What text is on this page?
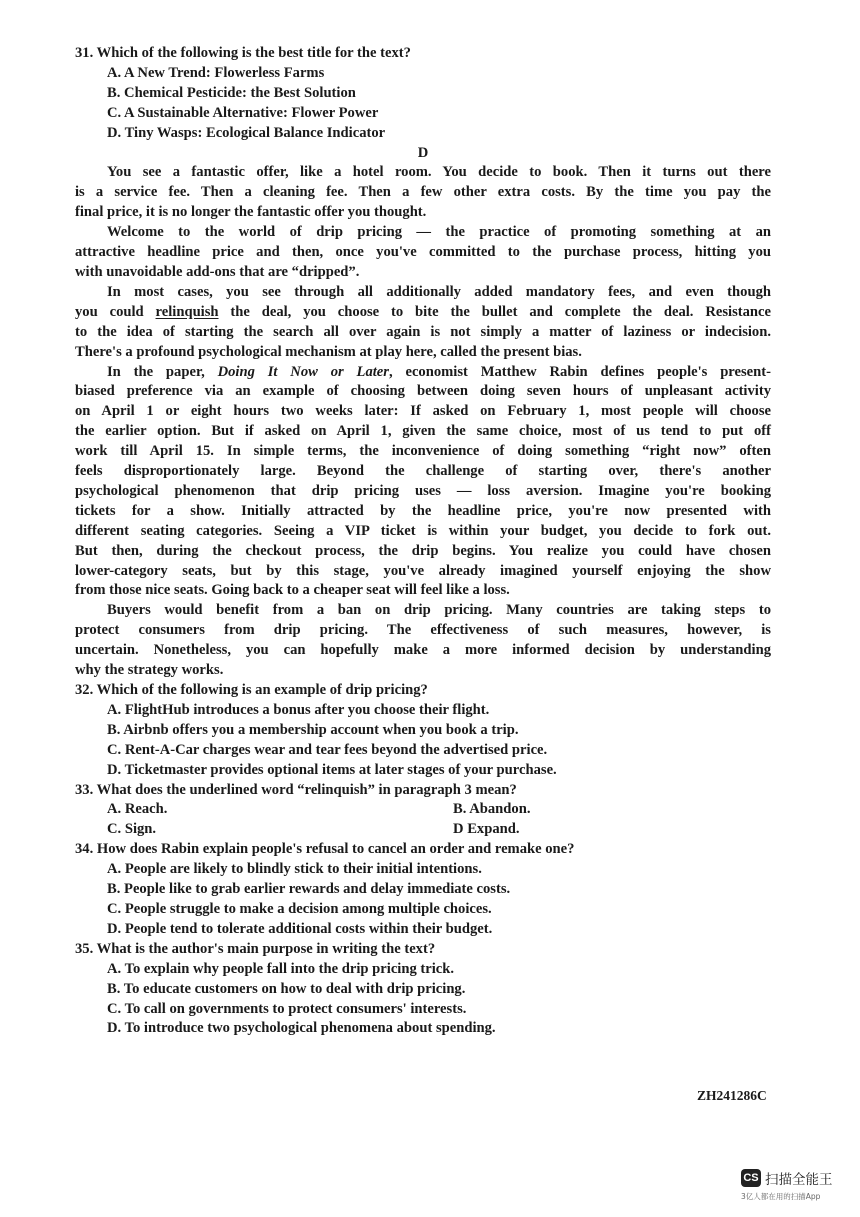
31. Which of the following is the best title for the text?
A. A New Trend: Flowerless Farms
B. Chemical Pesticide: the Best Solution
C. A Sustainable Alternative: Flower Power
D. Tiny Wasps: Ecological Balance Indicator
D
You see a fantastic offer, like a hotel room. You decide to book. Then it turns out there
is a service fee. Then a cleaning fee. Then a few other extra costs. By the time you pay the
final price, it is no longer the fantastic offer you thought.
Welcome to the world of drip pricing — the practice of promoting something at an
attractive headline price and then, once you've committed to the purchase process, hitting you
with unavoidable add-ons that are “dripped”.
In most cases, you see through all additionally added mandatory fees, and even though
you could relinquish the deal, you choose to bite the bullet and complete the deal. Resistance
to the idea of starting the search all over again is not simply a matter of laziness or indecision.
There's a profound psychological mechanism at play here, called the present bias.
In the paper, Doing It Now or Later, economist Matthew Rabin defines people's present-
biased preference via an example of choosing between doing seven hours of unpleasant activity
on April 1 or eight hours two weeks later: If asked on February 1, most people will choose
the earlier option. But if asked on April 1, given the same choice, most of us tend to put off
work till April 15. In simple terms, the inconvenience of doing something “right now” often
feels disproportionately large. Beyond the challenge of starting over, there's another
psychological phenomenon that drip pricing uses — loss aversion. Imagine you're booking
tickets for a show. Initially attracted by the headline price, you're now presented with
different seating categories. Seeing a VIP ticket is within your budget, you decide to fork out.
But then, during the checkout process, the drip begins. You realize you could have chosen
lower-category seats, but by this stage, you've already imagined yourself enjoying the show
from those nice seats. Going back to a cheaper seat will feel like a loss.
Buyers would benefit from a ban on drip pricing. Many countries are taking steps to
protect consumers from drip pricing. The effectiveness of such measures, however, is
uncertain. Nonetheless, you can hopefully make a more informed decision by understanding
why the strategy works.
32. Which of the following is an example of drip pricing?
A. FlightHub introduces a bonus after you choose their flight.
B. Airbnb offers you a membership account when you book a trip.
C. Rent-A-Car charges wear and tear fees beyond the advertised price.
D. Ticketmaster provides optional items at later stages of your purchase.
33. What does the underlined word “relinquish” in paragraph 3 mean?
A. Reach.	B. Abandon.
C. Sign.	D Expand.
34. How does Rabin explain people's refusal to cancel an order and remake one?
A. People are likely to blindly stick to their initial intentions.
B. People like to grab earlier rewards and delay immediate costs.
C. People struggle to make a decision among multiple choices.
D. People tend to tolerate additional costs within their budget.
35. What is the author's main purpose in writing the text?
A. To explain why people fall into the drip pricing trick.
B. To educate customers on how to deal with drip pricing.
C. To call on governments to protect consumers' interests.
D. To introduce two psychological phenomena about spending.
ZH241286C
CS 扫描全能王
3亿人都在用的扫描App
